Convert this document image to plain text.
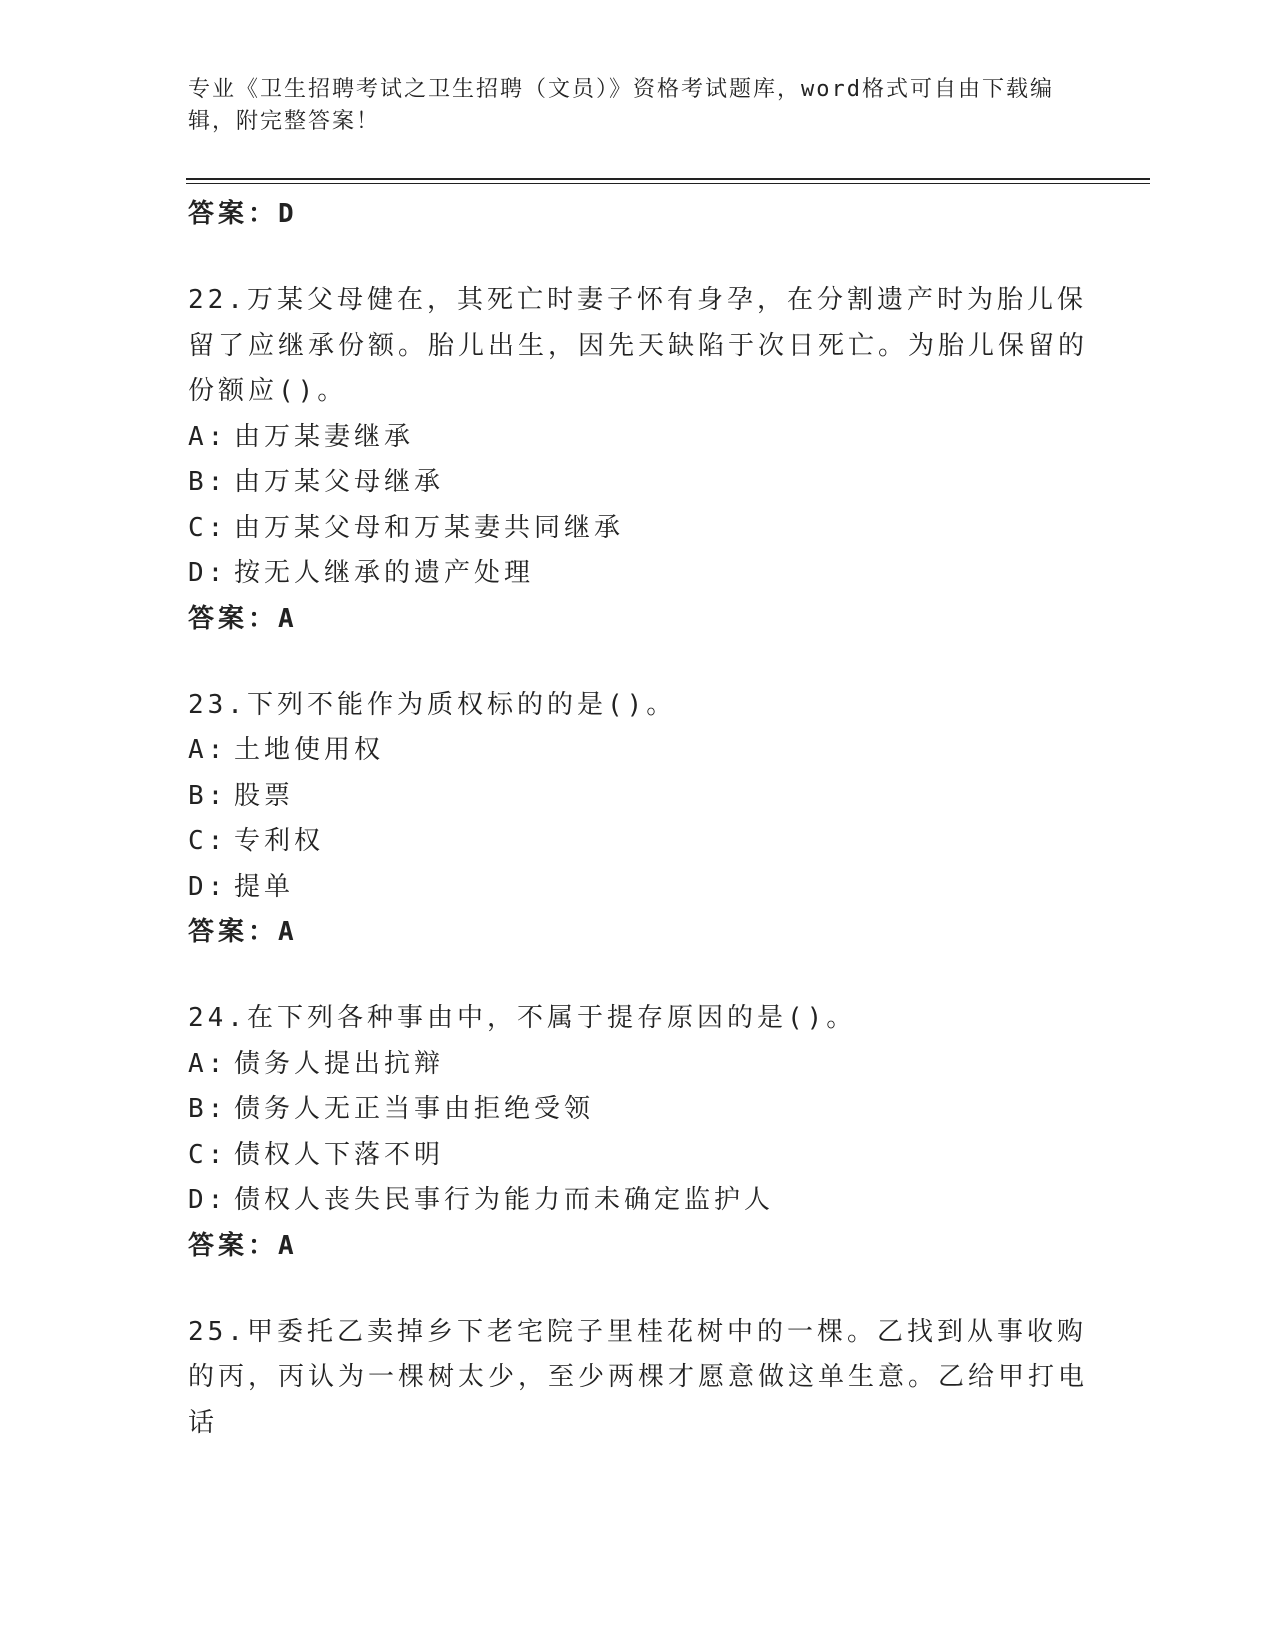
专业《卫生招聘考试之卫生招聘（文员）》资格考试题库，word格式可自由下载编辑，附完整答案！
答案：D
22.万某父母健在，其死亡时妻子怀有身孕，在分割遗产时为胎儿保留了应继承份额。胎儿出生，因先天缺陷于次日死亡。为胎儿保留的份额应()。
A: 由万某妻继承
B: 由万某父母继承
C: 由万某父母和万某妻共同继承
D: 按无人继承的遗产处理
答案：A
23.下列不能作为质权标的的是()。
A: 土地使用权
B: 股票
C: 专利权
D: 提单
答案：A
24.在下列各种事由中，不属于提存原因的是()。
A: 债务人提出抗辩
B: 债务人无正当事由拒绝受领
C: 债权人下落不明
D: 债权人丧失民事行为能力而未确定监护人
答案：A
25.甲委托乙卖掉乡下老宅院子里桂花树中的一棵。乙找到从事收购的丙，丙认为一棵树太少，至少两棵才愿意做这单生意。乙给甲打电话
